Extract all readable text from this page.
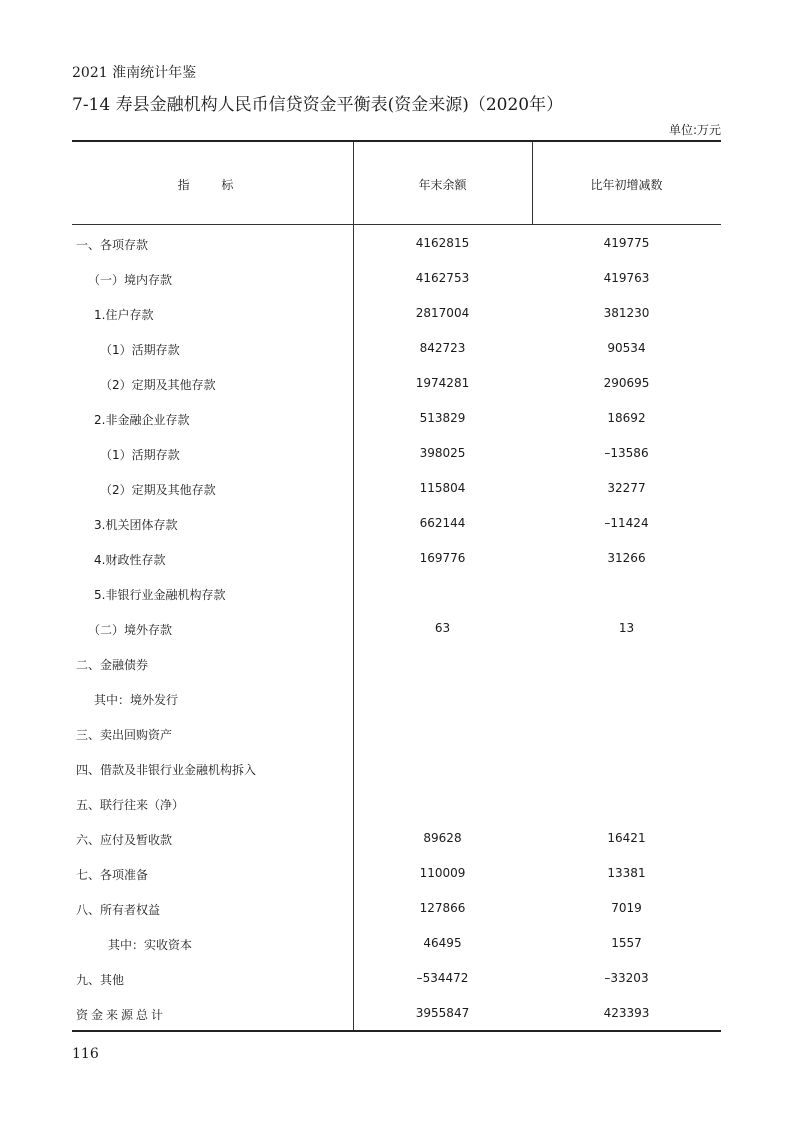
2021 淮南统计年鉴
7-14 寿县金融机构人民币信贷资金平衡表(资金来源)（2020年）
单位:万元
指 标	年末余额	比年初增减数
一、各项存款	4162815	419775
（一）境内存款	4162753	419763
1.住户存款	2817004	381230
（1）活期存款	842723	90534
（2）定期及其他存款	1974281	290695
2.非金融企业存款	513829	18692
（1）活期存款	398025	–13586
（2）定期及其他存款	115804	32277
3.机关团体存款	662144	–11424
4.财政性存款	169776	31266
5.非银行业金融机构存款
（二）境外存款	63	13
二、金融债券
其中：境外发行
三、卖出回购资产
四、借款及非银行业金融机构拆入
五、联行往来（净）
六、应付及暂收款	89628	16421
七、各项准备	110009	13381
八、所有者权益	127866	7019
其中：实收资本	46495	1557
九、其他	–534472	–33203
资金来源总计	3955847	423393
116
